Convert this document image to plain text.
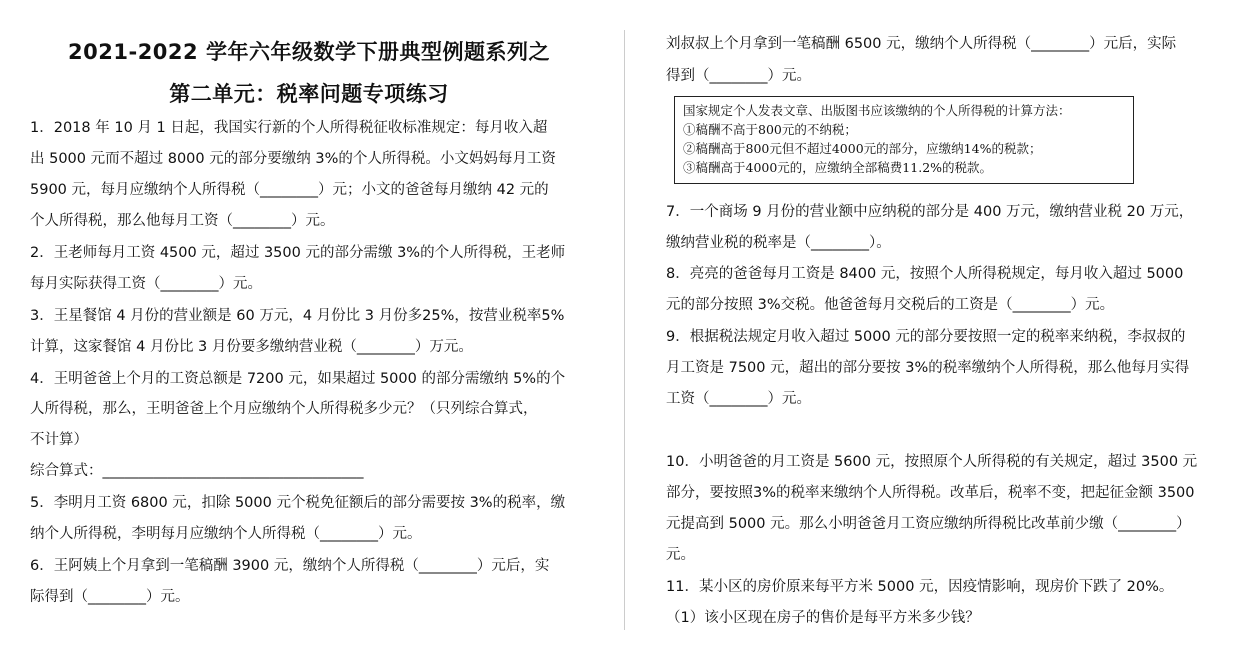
2021-2022 学年六年级数学下册典型例题系列之
第二单元：税率问题专项练习
1．2018 年 10 月 1 日起，我国实行新的个人所得税征收标准规定：每月收入超
出 5000 元而不超过 8000 元的部分要缴纳 3%的个人所得税。小文妈妈每月工资
5900 元，每月应缴纳个人所得税（________）元；小文的爸爸每月缴纳 42 元的
个人所得税，那么他每月工资（________）元。
2．王老师每月工资 4500 元，超过 3500 元的部分需缴 3%的个人所得税，王老师
每月实际获得工资（________）元。
3．王星餐馆 4 月份的营业额是 60 万元，4 月份比 3 月份多25%，按营业税率5%
计算，这家餐馆 4 月份比 3 月份要多缴纳营业税（________）万元。
4．王明爸爸上个月的工资总额是 7200 元，如果超过 5000 的部分需缴纳 5%的个
人所得税，那么，王明爸爸上个月应缴纳个人所得税多少元？（只列综合算式，
不计算）
综合算式：____________________________________
5．李明月工资 6800 元，扣除 5000 元个税免征额后的部分需要按 3%的税率，缴
纳个人所得税，李明每月应缴纳个人所得税（________）元。
6．王阿姨上个月拿到一笔稿酬 3900 元，缴纳个人所得税（________）元后，实
际得到（________）元。
刘叔叔上个月拿到一笔稿酬 6500 元，缴纳个人所得税（________）元后，实际
得到（________）元。
国家规定个人发表文章、出版图书应该缴纳的个人所得税的计算方法：
①稿酬不高于800元的不纳税；
②稿酬高于800元但不超过4000元的部分，应缴纳14%的税款；
③稿酬高于4000元的，应缴纳全部稿费11.2%的税款。
7．一个商场 9 月份的营业额中应纳税的部分是 400 万元，缴纳营业税 20 万元，
缴纳营业税的税率是（________）。
8．亮亮的爸爸每月工资是 8400 元，按照个人所得税规定，每月收入超过 5000
元的部分按照 3%交税。他爸爸每月交税后的工资是（________）元。
9．根据税法规定月收入超过 5000 元的部分要按照一定的税率来纳税，李叔叔的
月工资是 7500 元，超出的部分要按 3%的税率缴纳个人所得税，那么他每月实得
工资（________）元。
10．小明爸爸的月工资是 5600 元，按照原个人所得税的有关规定，超过 3500 元
部分，要按照3%的税率来缴纳个人所得税。改革后，税率不变，把起征金额 3500
元提高到 5000 元。那么小明爸爸月工资应缴纳所得税比改革前少缴（________）
元。
11．某小区的房价原来每平方米 5000 元，因疫情影响，现房价下跌了 20%。
（1）该小区现在房子的售价是每平方米多少钱？
